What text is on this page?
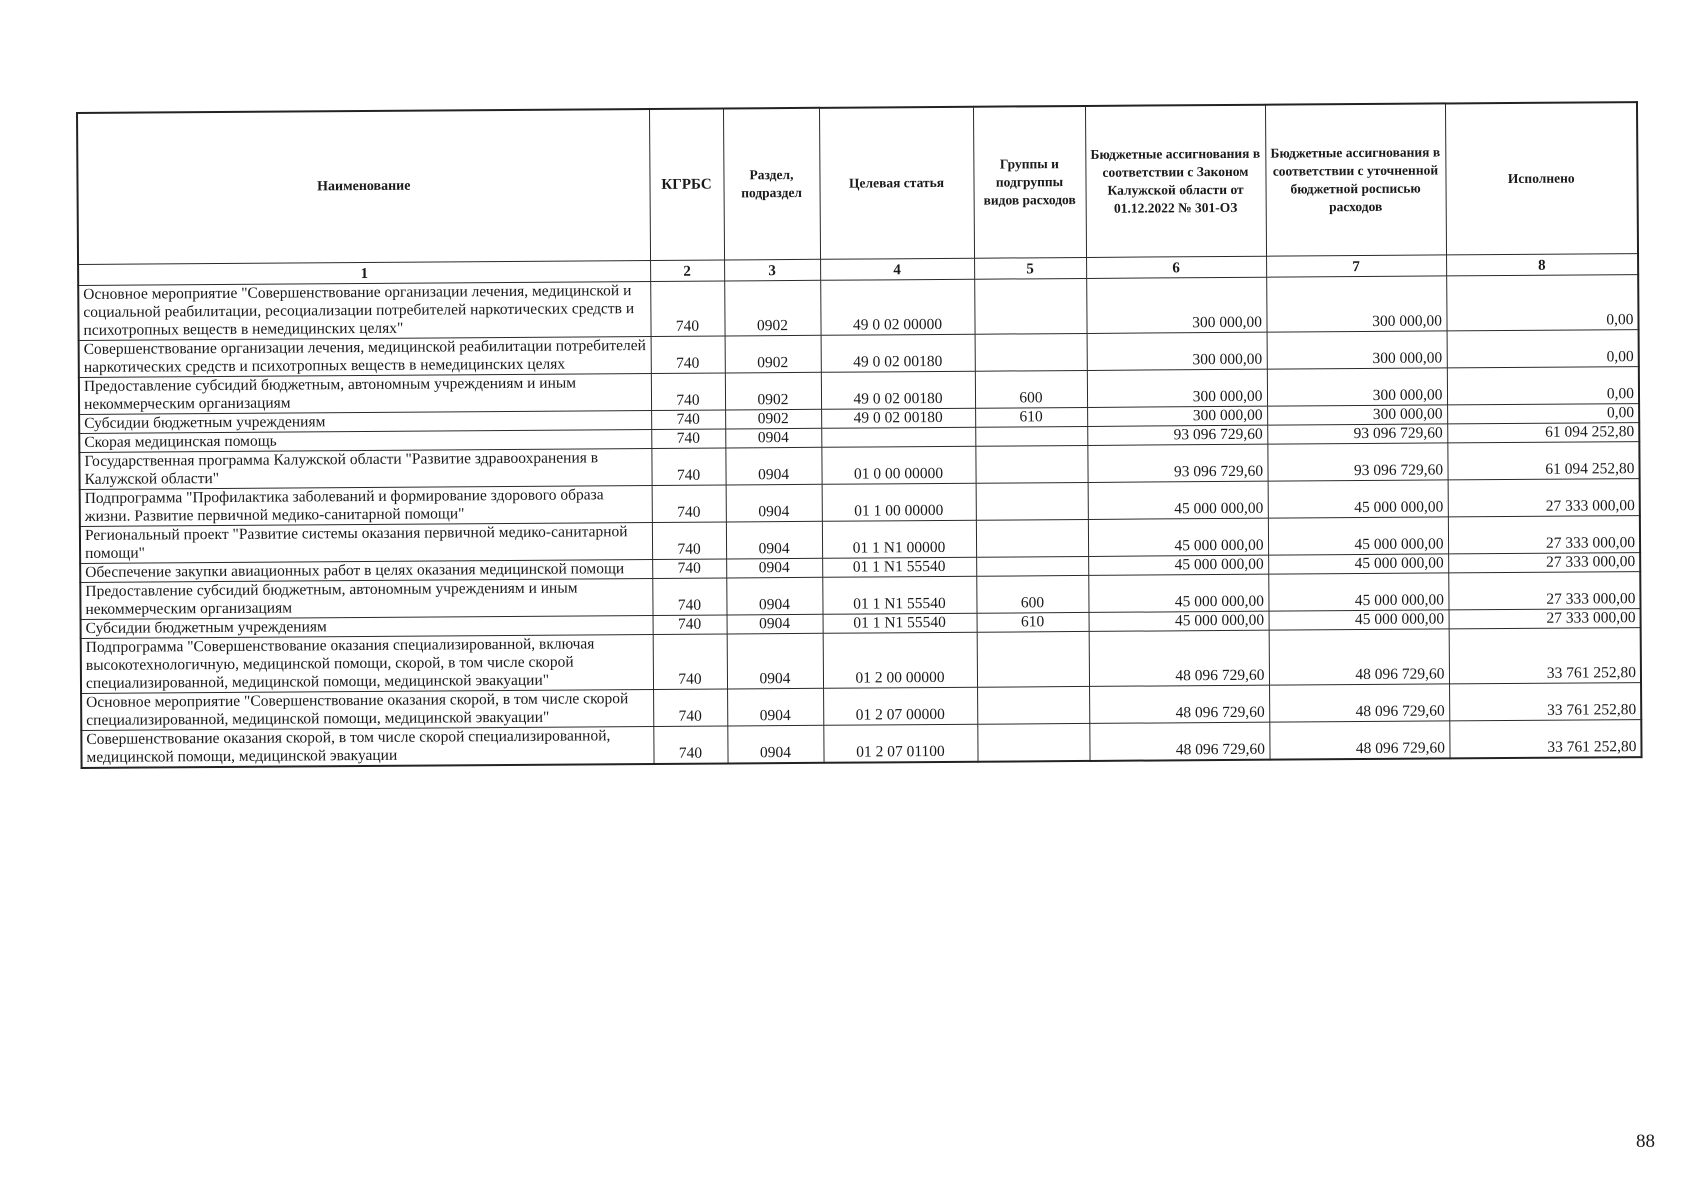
Наименование	КГРБС	Раздел, подраздел	Целевая статья	Группы и подгруппы видов расходов	Бюджетные ассигнования в соответствии с Законом Калужской области от 01.12.2022 № 301-ОЗ	Бюджетные ассигнования в соответствии с уточненной бюджетной росписью расходов	Исполнено
1	2	3	4	5	6	7	8
Основное мероприятие "Совершенствование организации лечения, медицинской и социальной реабилитации, ресоциализации потребителей наркотических средств и психотропных веществ в немедицинских целях"	740	0902	49 0 02 00000		300 000,00	300 000,00	0,00
Совершенствование организации лечения, медицинской реабилитации потребителей наркотических средств и психотропных веществ в немедицинских целях	740	0902	49 0 02 00180		300 000,00	300 000,00	0,00
Предоставление субсидий бюджетным, автономным учреждениям и иным некоммерческим организациям	740	0902	49 0 02 00180	600	300 000,00	300 000,00	0,00
Субсидии бюджетным учреждениям	740	0902	49 0 02 00180	610	300 000,00	300 000,00	0,00
Скорая медицинская помощь	740	0904			93 096 729,60	93 096 729,60	61 094 252,80
Государственная программа Калужской области "Развитие здравоохранения в Калужской области"	740	0904	01 0 00 00000		93 096 729,60	93 096 729,60	61 094 252,80
Подпрограмма "Профилактика заболеваний и формирование здорового образа жизни. Развитие первичной медико-санитарной помощи"	740	0904	01 1 00 00000		45 000 000,00	45 000 000,00	27 333 000,00
Региональный проект "Развитие системы оказания первичной медико-санитарной помощи"	740	0904	01 1 N1 00000		45 000 000,00	45 000 000,00	27 333 000,00
Обеспечение закупки авиационных работ в целях оказания медицинской помощи	740	0904	01 1 N1 55540		45 000 000,00	45 000 000,00	27 333 000,00
Предоставление субсидий бюджетным, автономным учреждениям и иным некоммерческим организациям	740	0904	01 1 N1 55540	600	45 000 000,00	45 000 000,00	27 333 000,00
Субсидии бюджетным учреждениям	740	0904	01 1 N1 55540	610	45 000 000,00	45 000 000,00	27 333 000,00
Подпрограмма "Совершенствование оказания специализированной, включая высокотехнологичную, медицинской помощи, скорой, в том числе скорой специализированной, медицинской помощи, медицинской эвакуации"	740	0904	01 2 00 00000		48 096 729,60	48 096 729,60	33 761 252,80
Основное мероприятие "Совершенствование оказания скорой, в том числе скорой специализированной, медицинской помощи, медицинской эвакуации"	740	0904	01 2 07 00000		48 096 729,60	48 096 729,60	33 761 252,80
Совершенствование оказания скорой, в том числе скорой специализированной, медицинской помощи, медицинской эвакуации	740	0904	01 2 07 01100		48 096 729,60	48 096 729,60	33 761 252,80
88
